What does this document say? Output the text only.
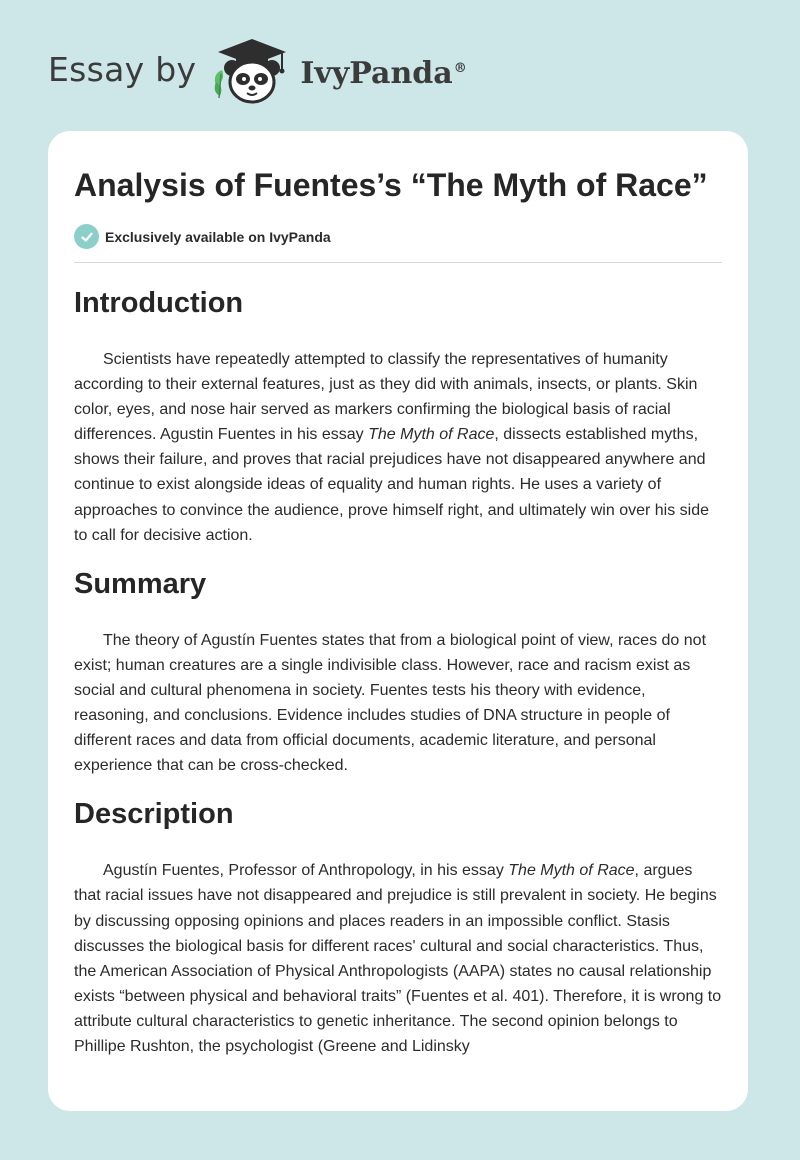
Essay by	IvyPanda®
Analysis of Fuentes’s “The Myth of Race”
Exclusively available on IvyPanda
Introduction

Scientists have repeatedly attempted to classify the representatives of humanity according to their external features, just as they did with animals, insects, or plants. Skin color, eyes, and nose hair served as markers confirming the biological basis of racial differences. Agustin Fuentes in his essay The Myth of Race, dissects established myths, shows their failure, and proves that racial prejudices have not disappeared anywhere and continue to exist alongside ideas of equality and human rights. He uses a variety of approaches to convince the audience, prove himself right, and ultimately win over his side to call for decisive action.

Summary

The theory of Agustín Fuentes states that from a biological point of view, races do not exist; human creatures are a single indivisible class. However, race and racism exist as social and cultural phenomena in society. Fuentes tests his theory with evidence, reasoning, and conclusions. Evidence includes studies of DNA structure in people of different races and data from official documents, academic literature, and personal experience that can be cross-checked.

Description

Agustín Fuentes, Professor of Anthropology, in his essay The Myth of Race, argues that racial issues have not disappeared and prejudice is still prevalent in society. He begins by discussing opposing opinions and places readers in an impossible conflict. Stasis discusses the biological basis for different races' cultural and social characteristics. Thus, the American Association of Physical Anthropologists (AAPA) states no causal relationship exists “between physical and behavioral traits” (Fuentes et al. 401). Therefore, it is wrong to attribute cultural characteristics to genetic inheritance. The second opinion belongs to Phillipe Rushton, the psychologist (Greene and Lidinsky
